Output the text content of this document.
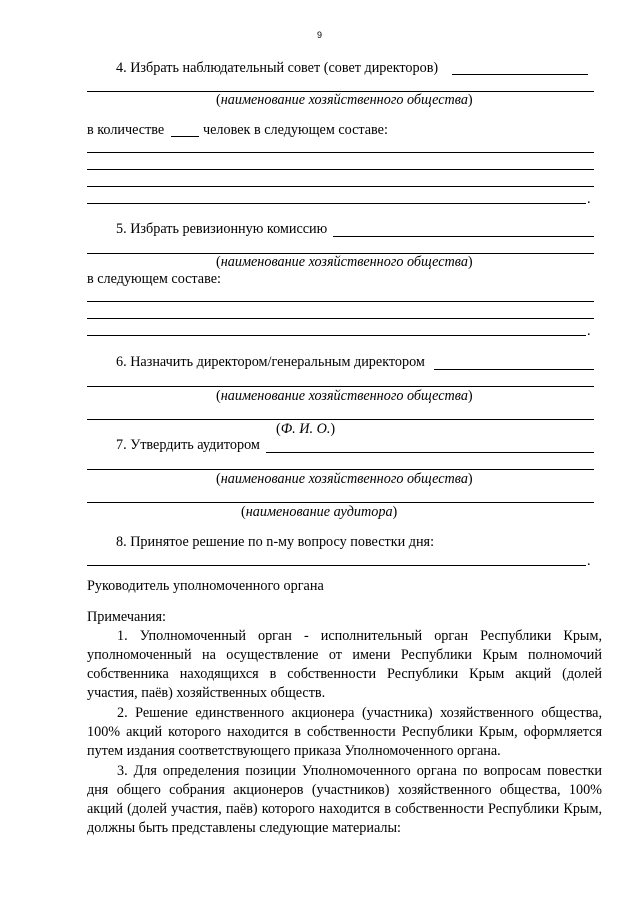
9
4. Избрать наблюдательный совет (совет директоров)
(наименование хозяйственного общества)
в количестве	человек в следующем составе:
.
5. Избрать ревизионную комиссию
(наименование хозяйственного общества)
в следующем составе:
.
6. Назначить директором/генеральным директором
(наименование хозяйственного общества)
(Ф. И. О.)
7. Утвердить аудитором
(наименование хозяйственного общества)
(наименование аудитора)
8. Принятое решение по n-му вопросу повестки дня:
.
Руководитель уполномоченного органа
Примечания:
1. Уполномоченный орган - исполнительный орган Республики Крым, уполномоченный на осуществление от имени Республики Крым полномочий собственника находящихся в собственности Республики Крым акций (долей участия, паёв) хозяйственных обществ.
2. Решение единственного акционера (участника) хозяйственного общества, 100% акций которого находится в собственности Республики Крым, оформляется путем издания соответствующего приказа Уполномоченного органа.
3. Для определения позиции Уполномоченного органа по вопросам повестки дня общего собрания акционеров (участников) хозяйственного общества, 100% акций (долей участия, паёв) которого находится в собственности Республики Крым, должны быть представлены следующие материалы:
